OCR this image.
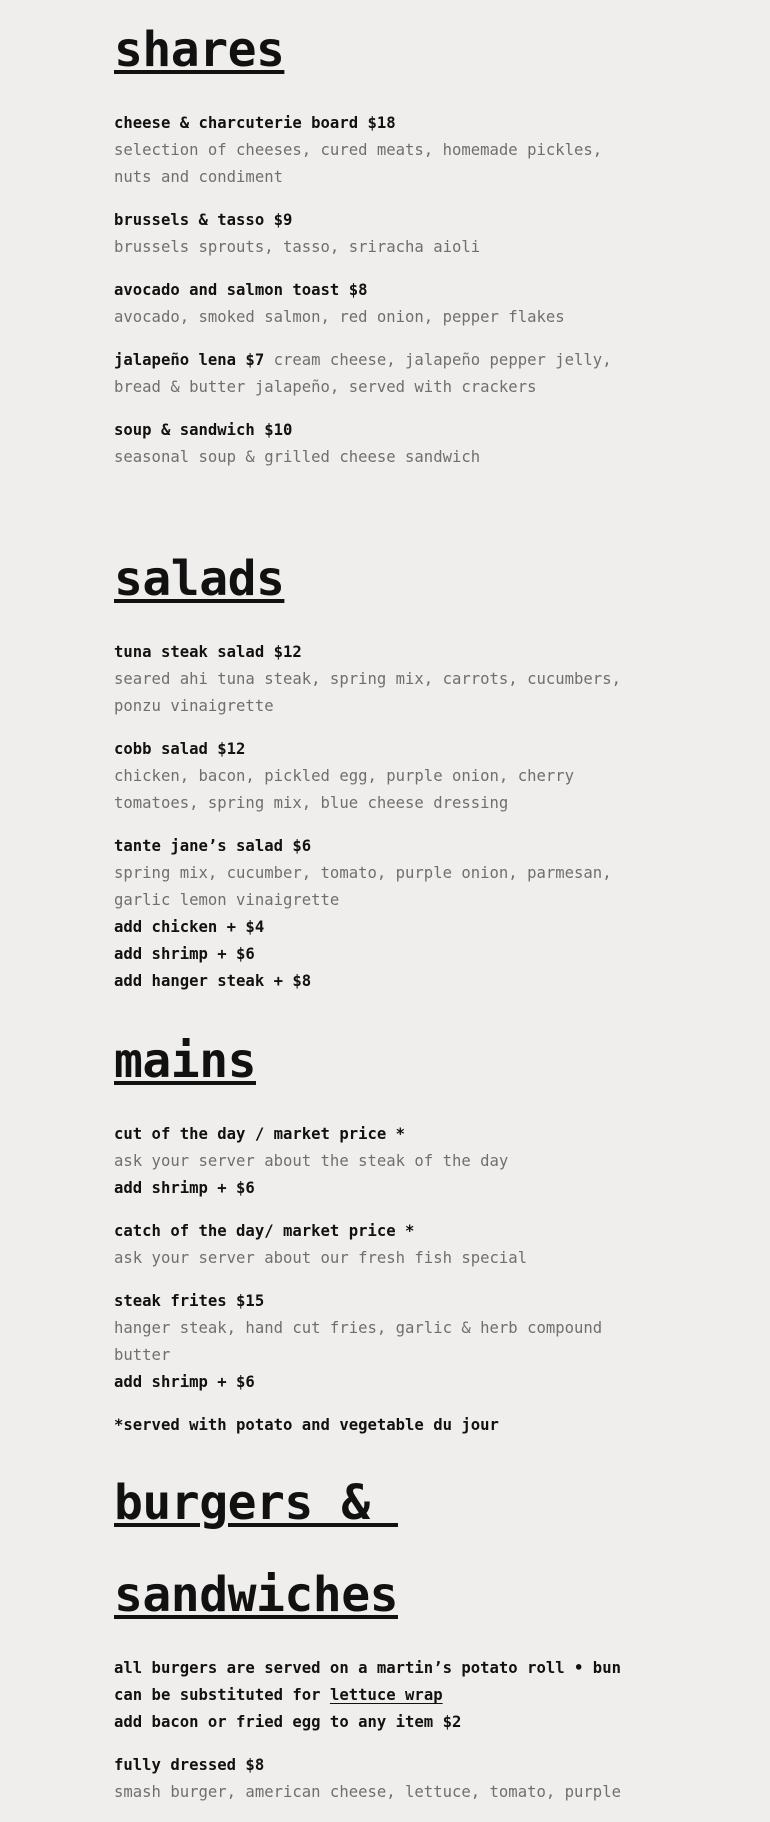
shares
cheese & charcuterie board $18
selection of cheeses, cured meats, homemade pickles,
nuts and condiment
brussels & tasso $9
brussels sprouts, tasso, sriracha aioli
avocado and salmon toast $8
avocado, smoked salmon, red onion, pepper flakes
jalapeño lena $7 cream cheese, jalapeño pepper jelly,
bread & butter jalapeño, served with crackers
soup & sandwich $10
seasonal soup & grilled cheese sandwich
salads
tuna steak salad $12
seared ahi tuna steak, spring mix, carrots, cucumbers,
ponzu vinaigrette
cobb salad $12
chicken, bacon, pickled egg, purple onion, cherry
tomatoes, spring mix, blue cheese dressing
tante jane’s salad $6
spring mix, cucumber, tomato, purple onion, parmesan,
garlic lemon vinaigrette
add chicken + $4
add shrimp + $6
add hanger steak + $8
mains
cut of the day / market price *
ask your server about the steak of the day
add shrimp + $6
catch of the day/ market price *
ask your server about our fresh fish special
steak frites $15
hanger steak, hand cut fries, garlic & herb compound
butter
add shrimp + $6
*served with potato and vegetable du jour
burgers &
sandwiches
all burgers are served on a martin’s potato roll • bun
can be substituted for lettuce wrap
add bacon or fried egg to any item $2
fully dressed $8
smash burger, american cheese, lettuce, tomato, purple
